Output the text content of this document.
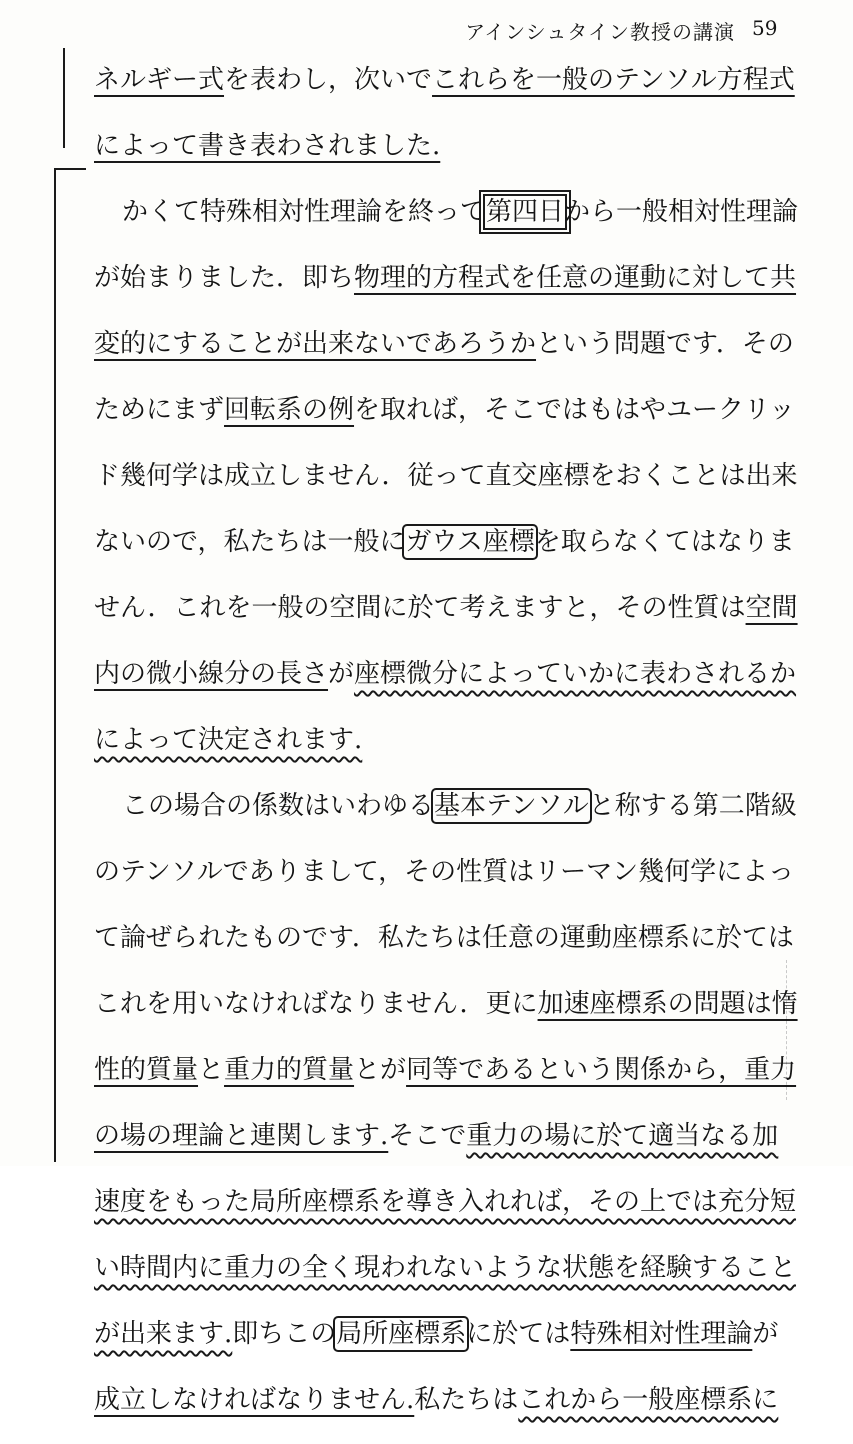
アインシュタイン教授の講演 59
ネルギー式を表わし，次いでこれらを一般のテンソル方程式
によって書き表わされました.
かくて特殊相対性理論を終って第四日から一般相対性理論
が始まりました．即ち物理的方程式を任意の運動に対して共
変的にすることが出来ないであろうかという問題です．その
ためにまず回転系の例を取れば，そこではもはやユークリッ
ド幾何学は成立しません．従って直交座標をおくことは出来
ないので，私たちは一般にガウス座標を取らなくてはなりま
せん．これを一般の空間に於て考えますと，その性質は空間
内の微小線分の長さが座標微分によっていかに表わされるか
によって決定されます.
この場合の係数はいわゆる基本テンソルと称する第二階級
のテンソルでありまして，その性質はリーマン幾何学によっ
て論ぜられたものです．私たちは任意の運動座標系に於ては
これを用いなければなりません．更に加速座標系の問題は惰
性的質量と重力的質量とが同等であるという関係から，重力
の場の理論と連関します.そこで重力の場に於て適当なる加
速度をもった局所座標系を導き入れれば，その上では充分短
い時間内に重力の全く現われないような状態を経験すること
が出来ます.即ちこの局所座標系に於ては特殊相対性理論が
成立しなければなりません.私たちはこれから一般座標系に
